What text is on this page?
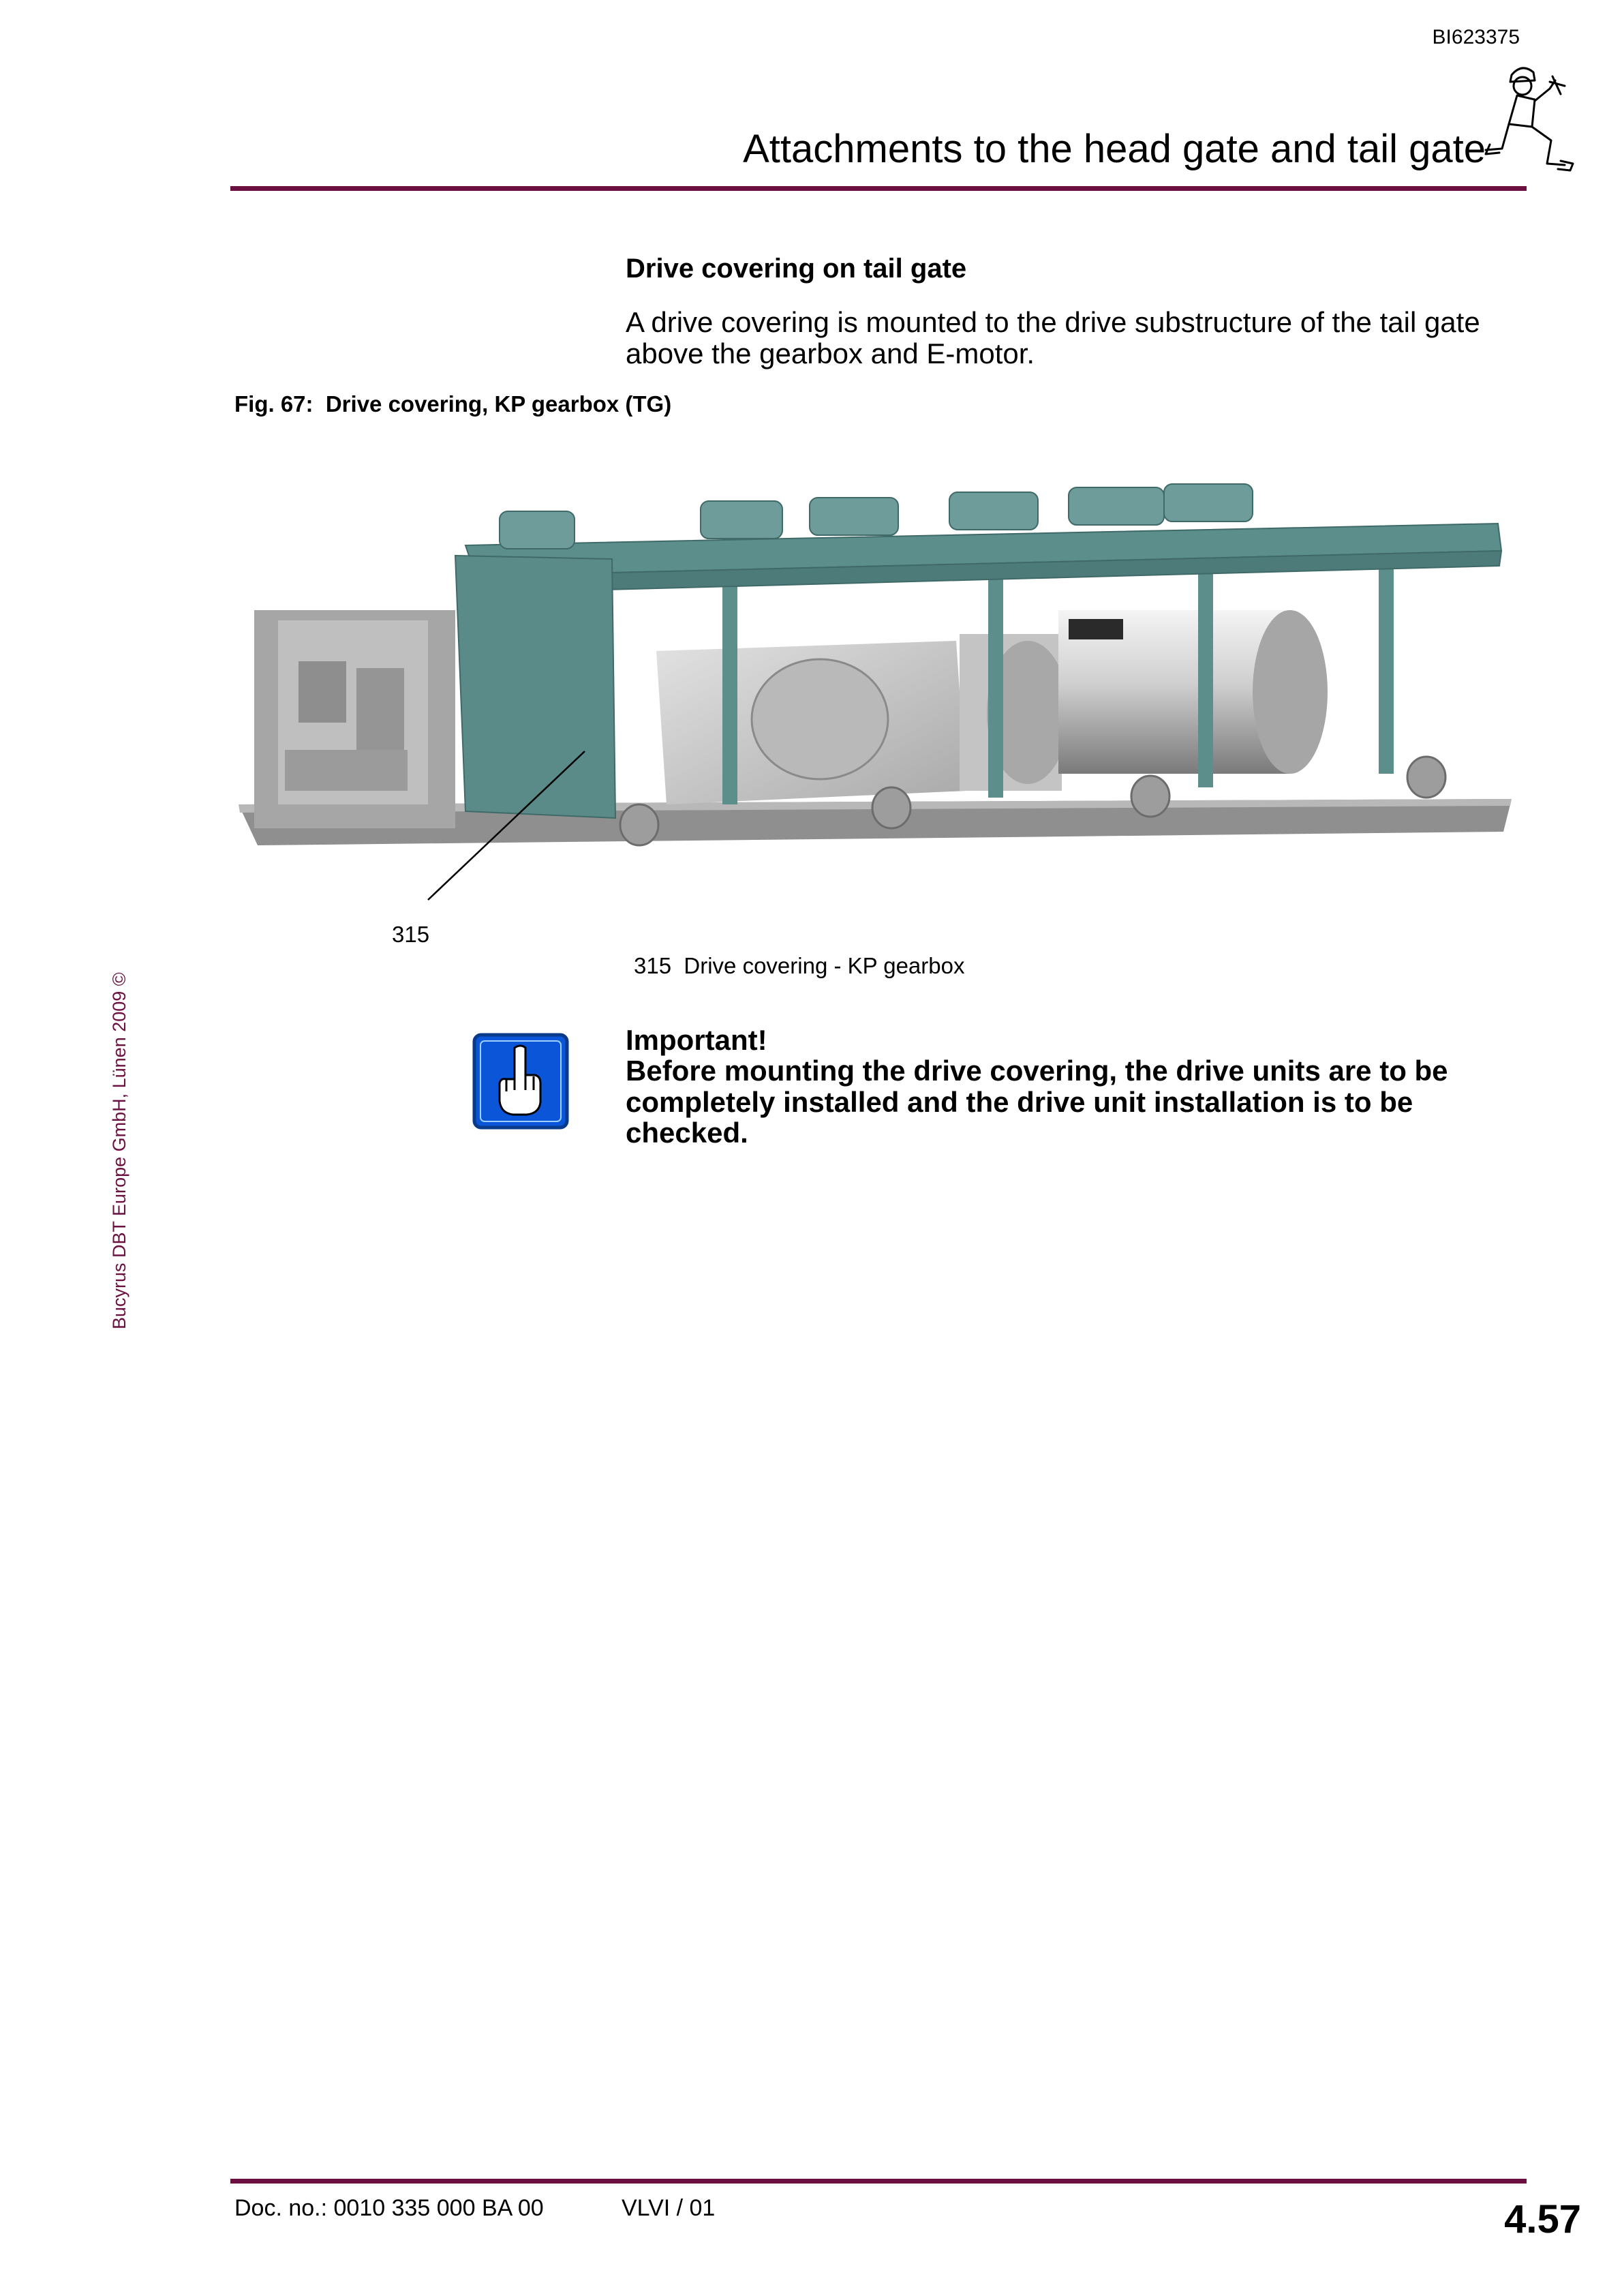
BI623375
Attachments to the head gate and tail gate
Drive covering on tail gate
A drive covering is mounted to the drive substructure of the tail gate above the gearbox and E-motor.
Fig. 67:  Drive covering, KP gearbox (TG)
315
315  Drive covering - KP gearbox
Bucyrus DBT Europe GmbH, Lünen 2009 ©	Important!
Before mounting the drive covering, the drive units are to be completely installed and the drive unit installation is to be checked.
Doc. no.: 0010 335 000 BA 00	VLVI / 01	4.57
